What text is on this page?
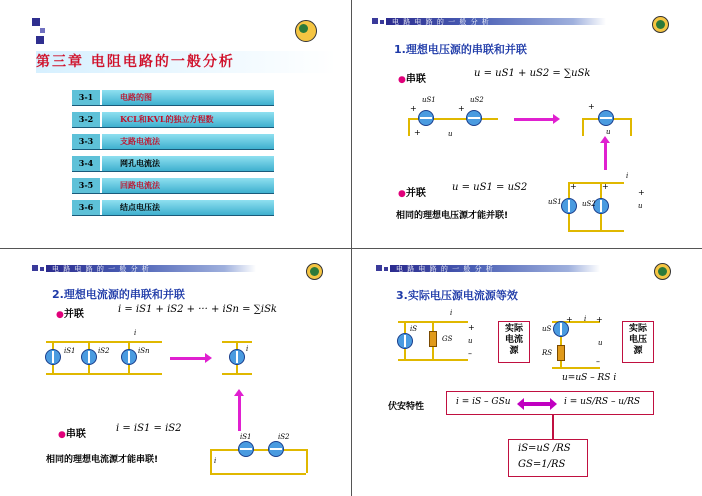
第三章 电阻电路的一般分析
3-1	电路的图
3-2	KCL和KVL的独立方程数
3-3	支路电流法
3-4	网孔电流法
3-5	回路电流法
3-6	结点电压法
电 路 电 路 的 一 般 分 析
1.理想电压源的串联和并联
●串联
u = uS1 + uS2 = ∑uSk
uS1	uS2
+	+
+	u
+
u
●并联
u = uS1 = uS2
uS1	uS2
+	+
+
u
i
相同的理想电压源才能并联!
电 路 电 路 的 一 般 分 析
2.理想电流源的串联和并联
●并联	i = iS1 + iS2 + ··· + iSn = ∑iSk
iS1	iS2	iSn
i
i
●串联
i = iS1 = iS2
iS1	iS2
i
相同的理想电流源才能串联!
电 路 电 路 的 一 般 分 析
3.实际电压源电流源等效
iS
GS
+
u
–
i
实际
电流
源
uS
RS
+	+
i
u
–
实际
电压
源
u=uS – RS i
伏安特性	i = iS – GSu	i = uS/RS – u/RS
iS=uS /RS
GS=1/RS
